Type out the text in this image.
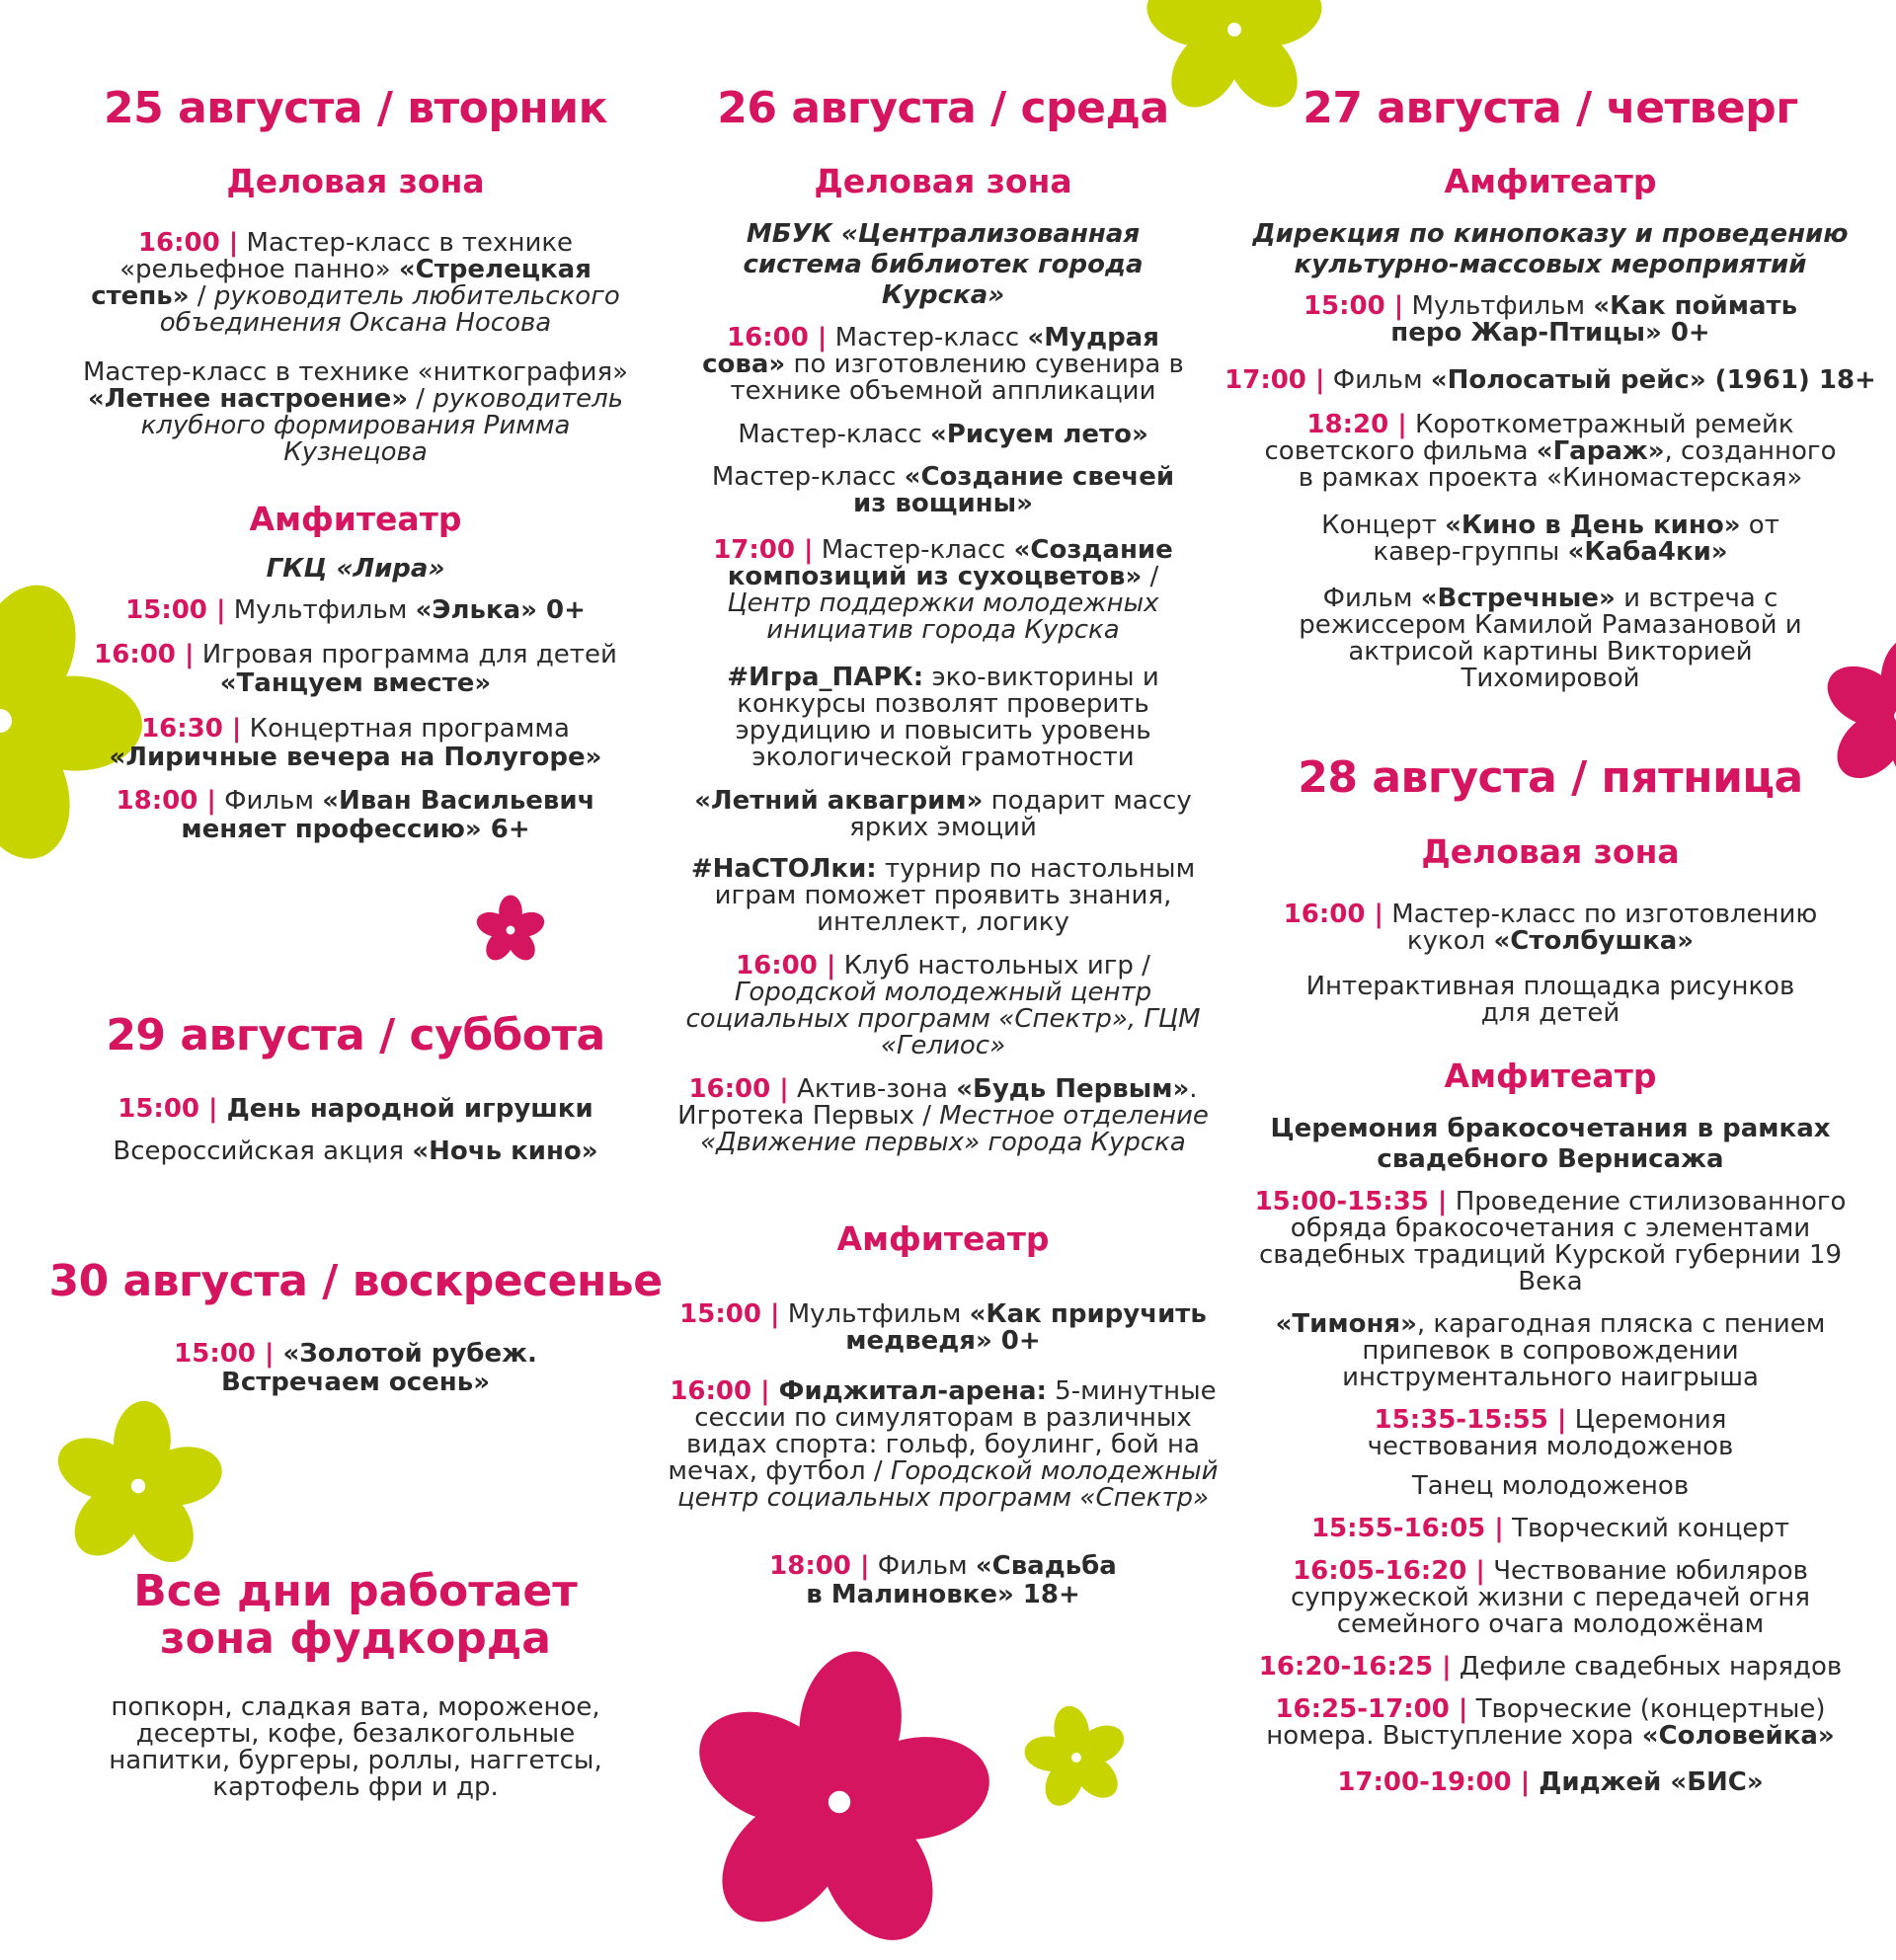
25 августа / вторник
Деловая зона
16:00 | Мастер-класс в технике «рельефное панно» «Стрелецкая степь» / руководитель любительского объединения Оксана Носова
Мастер-класс в технике «ниткография» «Летнее настроение» / руководитель клубного формирования Римма Кузнецова
Амфитеатр
ГКЦ «Лира»
15:00 | Мультфильм «Элька» 0+
16:00 | Игровая программа для детей
«Танцуем вместе»
16:30 | Концертная программа
«Лиричные вечера на Полугоре»
18:00 | Фильм «Иван Васильевич
меняет профессию» 6+
29 августа / суббота
15:00 | День народной игрушки
Всероссийская акция «Ночь кино»
30 августа / воскресенье
15:00 | «Золотой рубеж.
Встречаем осень»
Все дни работает
зона фудкорда
попкорн, сладкая вата, мороженое, десерты, кофе, безалкогольные напитки, бургеры, роллы, наггетсы, картофель фри и др.
26 августа / среда
Деловая зона
МБУК «Централизованная система библиотек города Курска»
16:00 | Мастер-класс «Мудрая сова» по изготовлению сувенира в технике объемной аппликации
Мастер-класс «Рисуем лето»
Мастер-класс «Создание свечей из вощины»
17:00 | Мастер-класс «Создание композиций из сухоцветов» / Центр поддержки молодежных инициатив города Курска
#Игра_ПАРК: эко-викторины и конкурсы позволят проверить эрудицию и повысить уровень экологической грамотности
«Летний аквагрим» подарит массу ярких эмоций
#НаСТОЛки: турнир по настольным играм поможет проявить знания, интеллект, логику
16:00 | Клуб настольных игр / Городской молодежный центр социальных программ «Спектр», ГЦМ «Гелиос»
16:00 | Актив-зона «Будь Первым». Игротека Первых / Местное отделение «Движение первых» города Курска
Амфитеатр
15:00 | Мультфильм «Как приручить медведя» 0+
16:00 | Фиджитал-арена: 5-минутные сессии по симуляторам в различных видах спорта: гольф, боулинг, бой на мечах, футбол / Городской молодежный центр социальных программ «Спектр»
18:00 | Фильм «Свадьба
в Малиновке» 18+
27 августа / четверг
Амфитеатр
Дирекция по кинопоказу и проведению культурно-массовых мероприятий
15:00 | Мультфильм «Как поймать перо Жар-Птицы» 0+
17:00 | Фильм «Полосатый рейс» (1961) 18+
18:20 | Короткометражный ремейк советского фильма «Гараж», созданного в рамках проекта «Киномастерская»
Концерт «Кино в День кино» от кавер-группы «Каба4ки»
Фильм «Встречные» и встреча с режиссером Камилой Рамазановой и актрисой картины Викторией Тихомировой
28 августа / пятница
Деловая зона
16:00 | Мастер-класс по изготовлению кукол «Столбушка»
Интерактивная площадка рисунков для детей
Амфитеатр
Церемония бракосочетания в рамках свадебного Вернисажа
15:00-15:35 | Проведение стилизованного обряда бракосочетания с элементами свадебных традиций Курской губернии 19 Века
«Тимоня», карагодная пляска с пением припевок в сопровождении инструментального наигрыша
15:35-15:55 | Церемония чествования молодоженов
Танец молодоженов
15:55-16:05 | Творческий концерт
16:05-16:20 | Чествование юбиляров супружеской жизни с передачей огня семейного очага молодожёнам
16:20-16:25 | Дефиле свадебных нарядов
16:25-17:00 | Творческие (концертные) номера. Выступление хора «Соловейка»
17:00-19:00 | Диджей «БИС»
